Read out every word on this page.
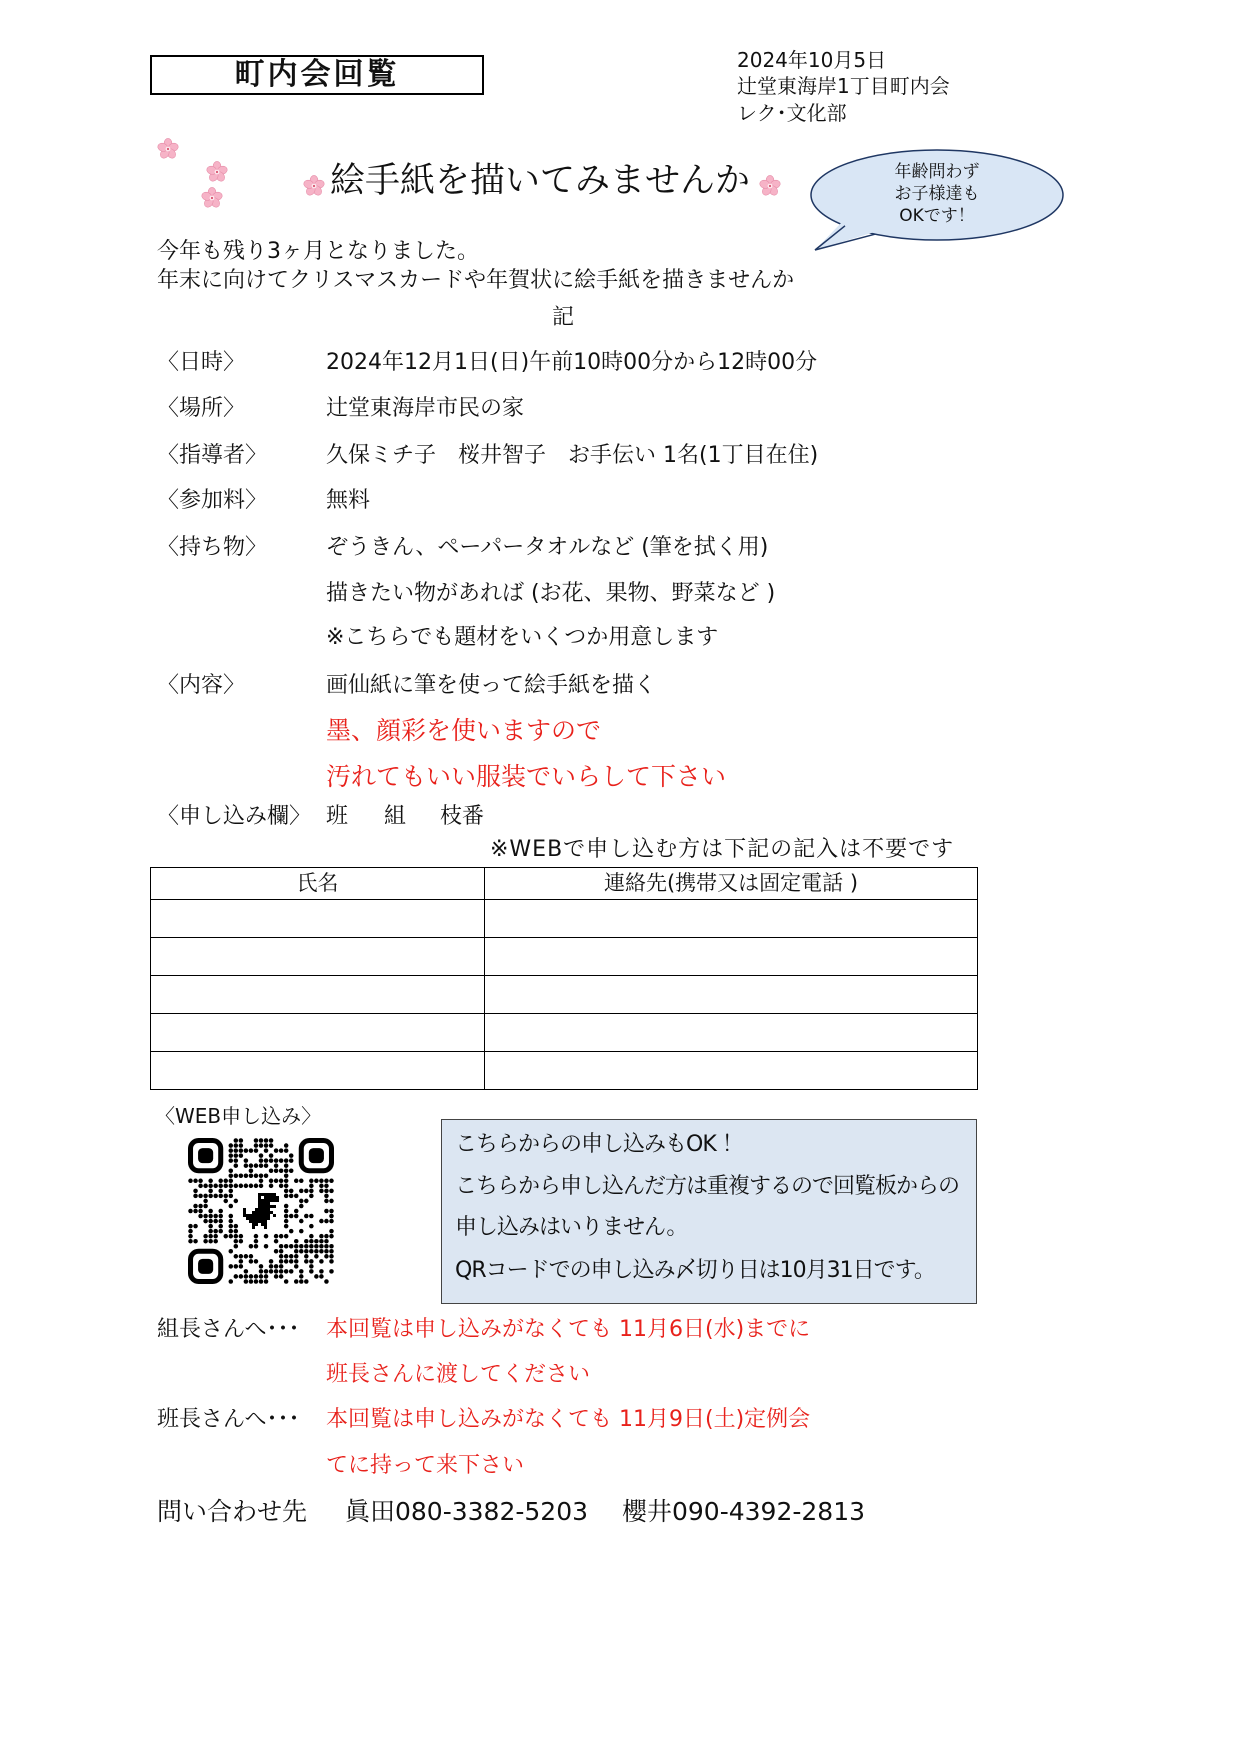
町内会回覧	2024年10月5日
辻堂東海岸1丁目町内会
レク･文化部
絵手紙を描いてみませんか	年齢問わず
お子様達も
OKです！
今年も残り3ヶ月となりました。
年末に向けてクリスマスカードや年賀状に絵手紙を描きませんか
記
〈日時〉	2024年12月1日(日)午前10時00分から12時00分
〈場所〉	辻堂東海岸市民の家
〈指導者〉	久保ミチ子　桜井智子　お手伝い 1名(1丁目在住)
〈参加料〉	無料
〈持ち物〉	ぞうきん、ペーパータオルなど (筆を拭く用)
描きたい物があれば (お花、果物、野菜など )
※こちらでも題材をいくつか用意します
〈内容〉	画仙紙に筆を使って絵手紙を描く
墨、顔彩を使いますので
汚れてもいい服装でいらして下さい
〈申し込み欄〉 班 組 枝番
※WEBで申し込む方は下記の記入は不要です
氏名	連絡先(携帯又は固定電話 )

〈WEB申し込み〉
こちらからの申し込みもOK ！
こちらから申し込んだ方は重複するので回覧板からの
申し込みはいりません。
QRコードでの申し込み〆切り日は10月31日です。
組長さんへ･･･ 本回覧は申し込みがなくても 11月6日(水)までに
班長さんに渡してください
班長さんへ･･･ 本回覧は申し込みがなくても 11月9日(土)定例会
てに持って来下さい
問い合わせ先 眞田080-3382-5203 櫻井090-4392-2813
